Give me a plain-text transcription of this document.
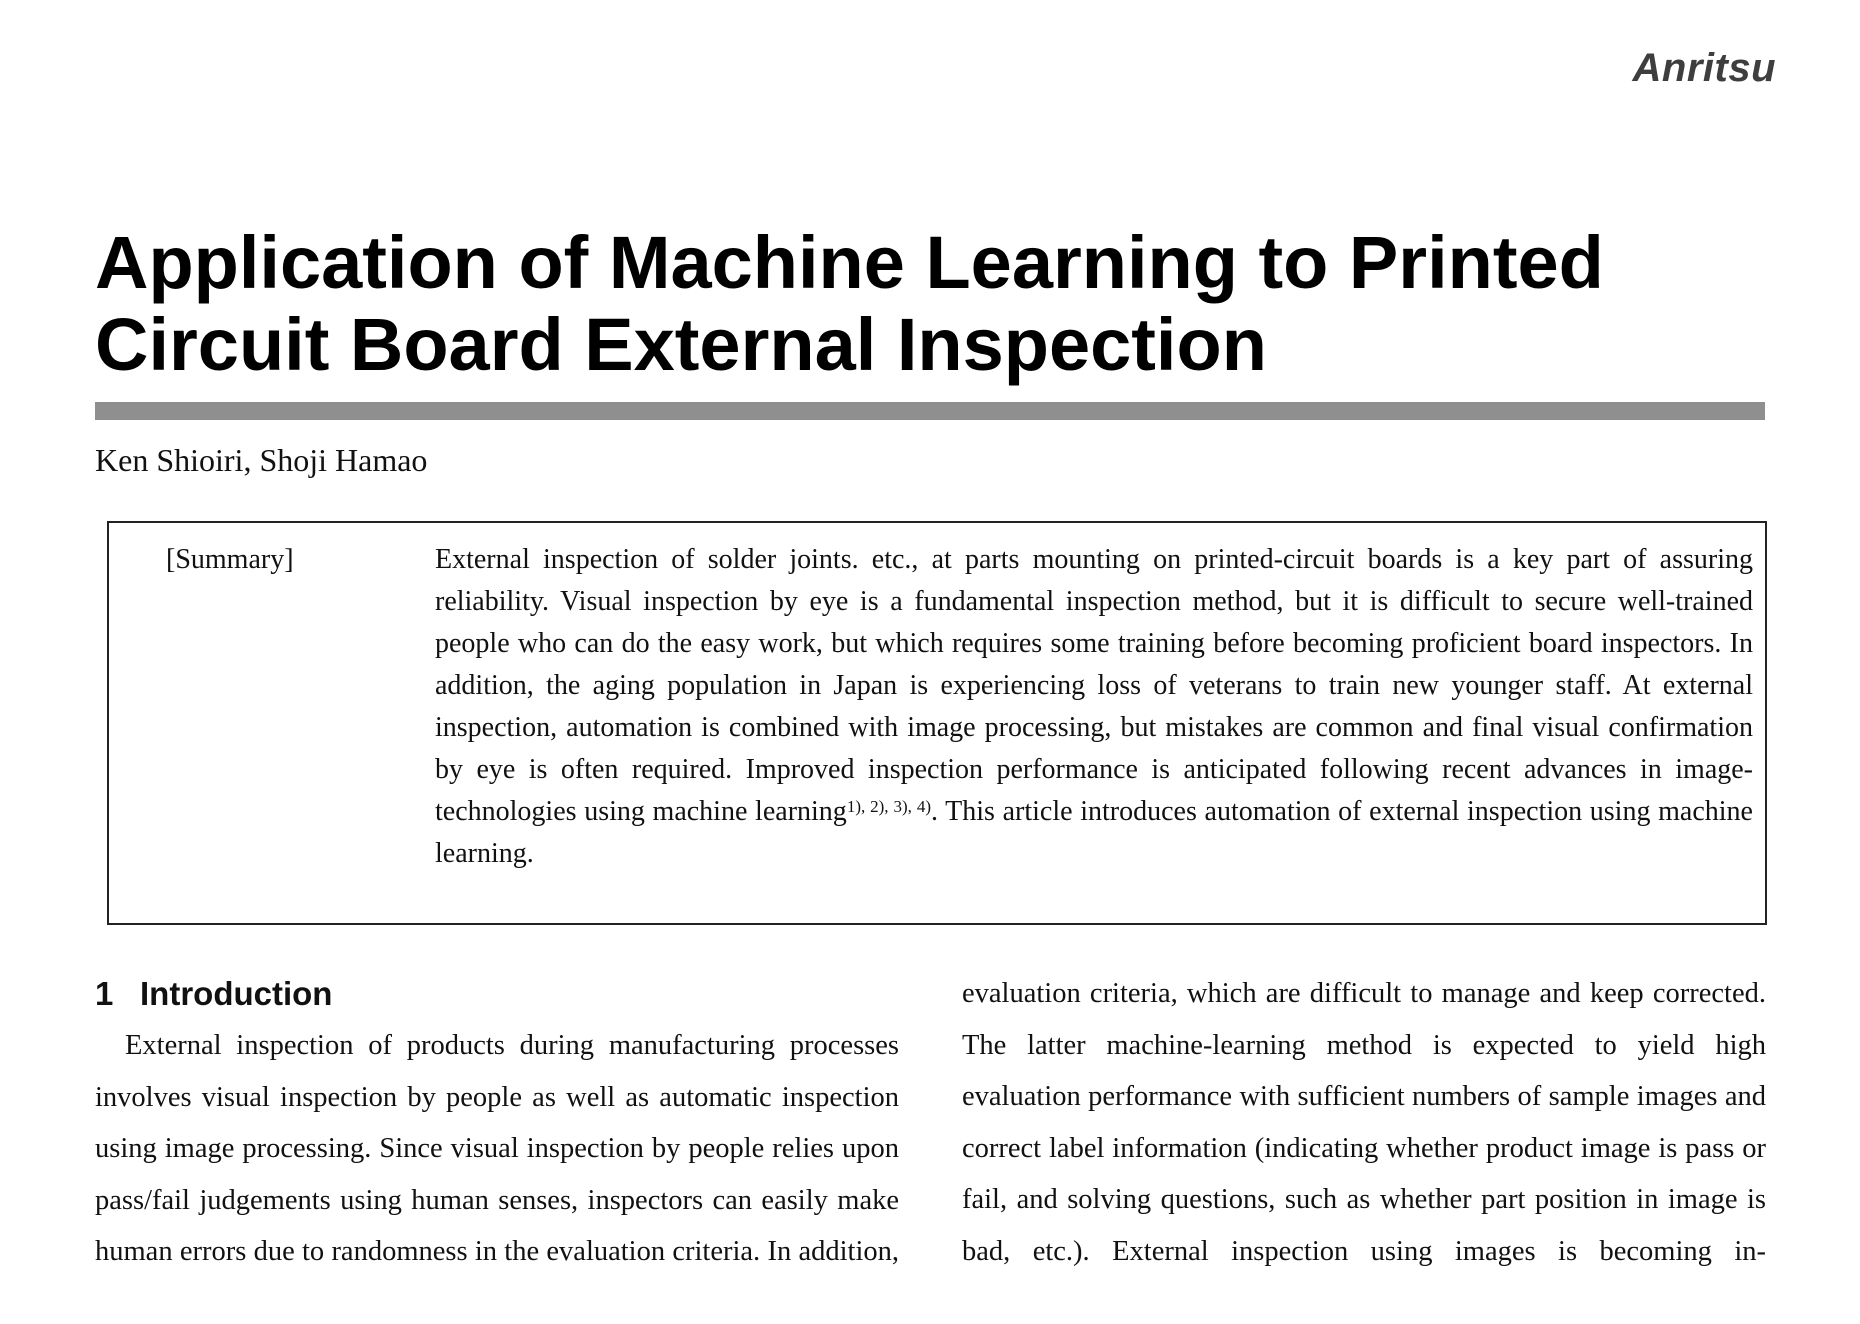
Anritsu
Application of Machine Learning to Printed Circuit Board External Inspection
Ken Shioiri, Shoji Hamao
[Summary]	External inspection of solder joints. etc., at parts mounting on printed-circuit boards is a key part of assuring reliability. Visual inspection by eye is a fundamental inspection method, but it is difficult to secure well-trained people who can do the easy work, but which requires some training before becoming proficient board inspectors. In addition, the aging population in Japan is experiencing loss of veterans to train new younger staff. At external inspection, automation is combined with image processing, but mistakes are common and final visual confirmation by eye is often required. Improved inspection performance is anticipated following recent advances in image-technologies using machine learning$^{1), 2), 3), 4)}$. This article introduces automation of external inspection using machine learning.

1 Introduction

External inspection of products during manufacturing processes involves visual inspection by people as well as automatic inspection using image processing. Since visual inspection by people relies upon pass/fail judgements using human senses, inspectors can easily make human errors due to randomness in the evaluation criteria. In addition,

evaluation criteria, which are difficult to manage and keep corrected. The latter machine-learning method is expected to yield high evaluation performance with sufficient numbers of sample images and correct label information (indicating whether product image is pass or fail, and solving questions, such as whether part position in image is bad, etc.). External inspection using images is becoming in-
